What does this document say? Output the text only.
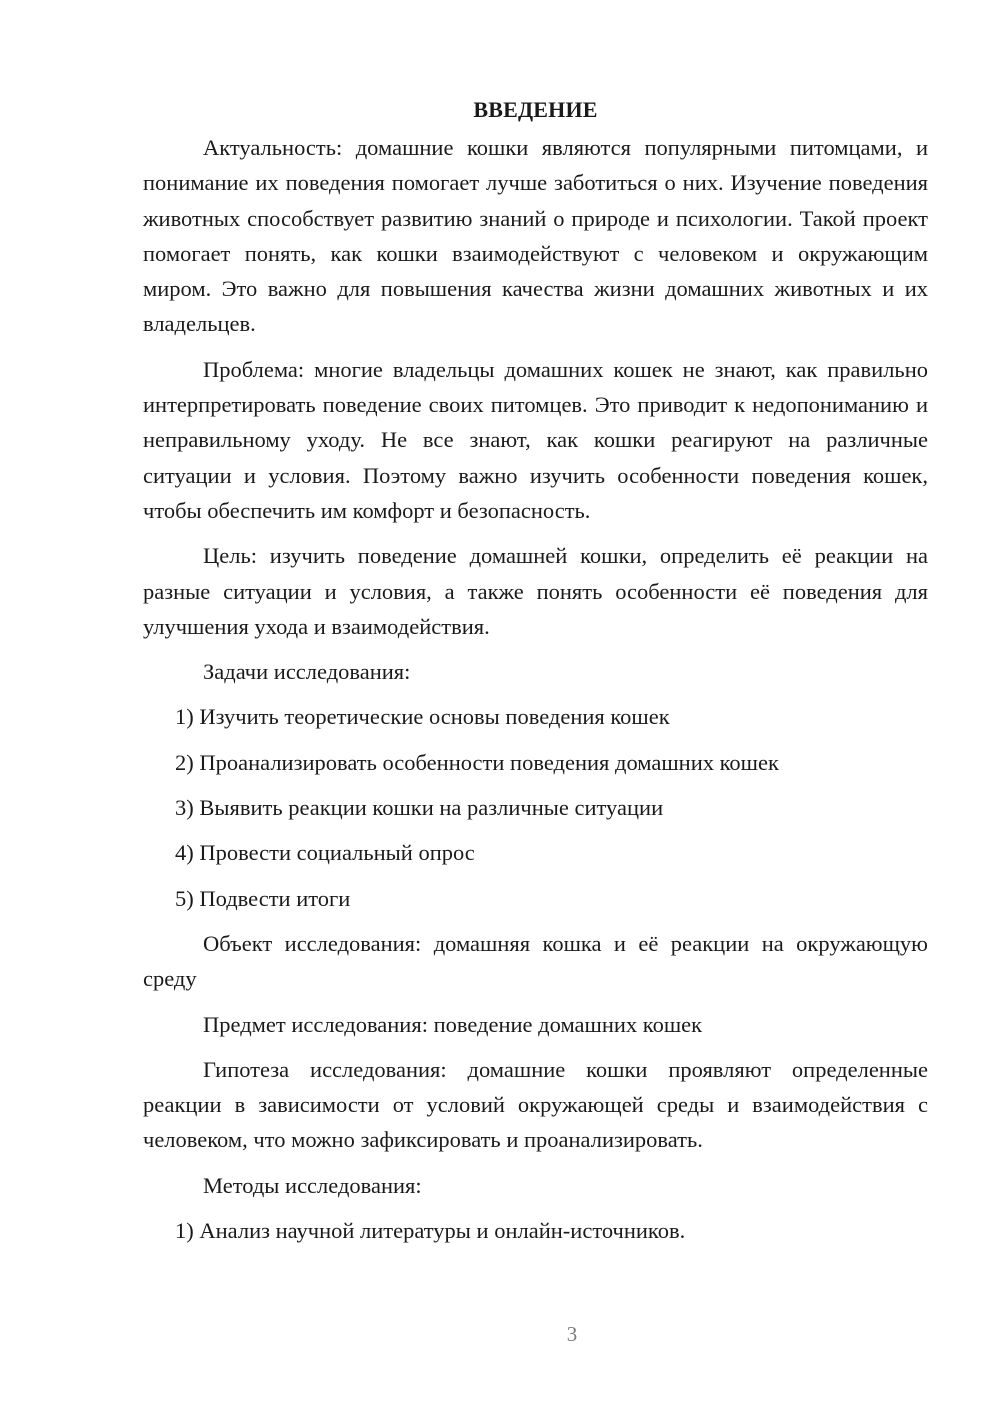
ВВЕДЕНИЕ

Актуальность: домашние кошки являются популярными питомцами, и понимание их поведения помогает лучше заботиться о них. Изучение поведения животных способствует развитию знаний о природе и психологии. Такой проект помогает понять, как кошки взаимодействуют с человеком и окружающим миром. Это важно для повышения качества жизни домашних животных и их владельцев.

Проблема: многие владельцы домашних кошек не знают, как правильно интерпретировать поведение своих питомцев. Это приводит к недопониманию и неправильному уходу. Не все знают, как кошки реагируют на различные ситуации и условия. Поэтому важно изучить особенности поведения кошек, чтобы обеспечить им комфорт и безопасность.

Цель: изучить поведение домашней кошки, определить её реакции на разные ситуации и условия, а также понять особенности её поведения для улучшения ухода и взаимодействия.

Задачи исследования:

1) Изучить теоретические основы поведения кошек
2) Проанализировать особенности поведения домашних кошек
3) Выявить реакции кошки на различные ситуации
4) Провести социальный опрос
5) Подвести итоги

Объект исследования: домашняя кошка и её реакции на окружающую среду

Предмет исследования: поведение домашних кошек

Гипотеза исследования: домашние кошки проявляют определенные реакции в зависимости от условий окружающей среды и взаимодействия с человеком, что можно зафиксировать и проанализировать.

Методы исследования:

1) Анализ научной литературы и онлайн-источников.
3
